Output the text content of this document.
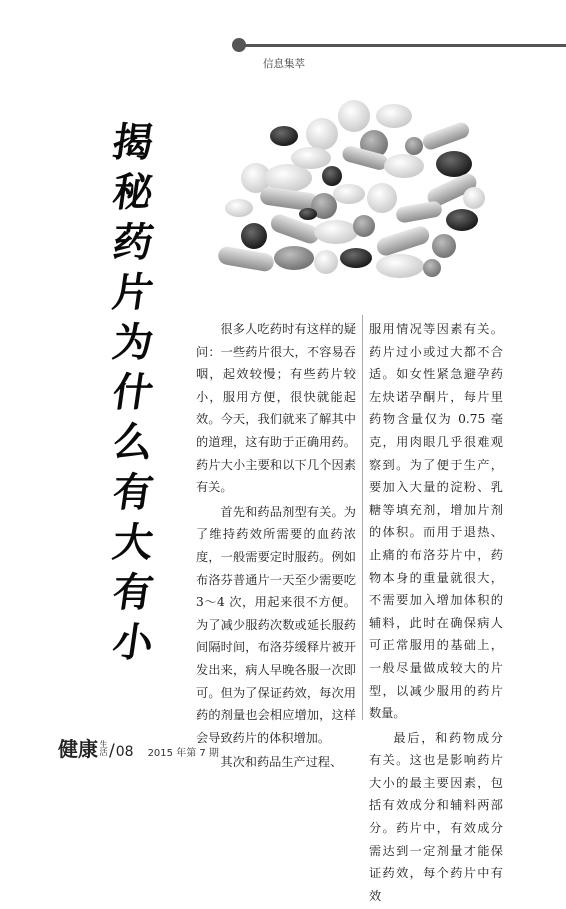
信息集萃
揭
秘
药
片
为
什
么
有
大
有
小

很多人吃药时有这样的疑问：一些药片很大，不容易吞咽，起效较慢；有些药片较小，服用方便，很快就能起效。今天，我们就来了解其中的道理，这有助于正确用药。药片大小主要和以下几个因素有关。

首先和药品剂型有关。为了维持药效所需要的血药浓度，一般需要定时服药。例如布洛芬普通片一天至少需要吃 3～4 次，用起来很不方便。为了减少服药次数或延长服药间隔时间，布洛芬缓释片被开发出来，病人早晚各服一次即可。但为了保证药效，每次用药的剂量也会相应增加，这样会导致药片的体积增加。

其次和药品生产过程、

服用情况等因素有关。药片过小或过大都不合适。如女性紧急避孕药左炔诺孕酮片，每片里药物含量仅为 0.75 毫克，用肉眼几乎很难观察到。为了便于生产，要加入大量的淀粉、乳糖等填充剂，增加片剂的体积。而用于退热、止痛的布洛芬片中，药物本身的重量就很大，不需要加入增加体积的辅料，此时在确保病人可正常服用的基础上，一般尽量做成较大的片型，以减少服用的药片数量。

最后，和药物成分有关。这也是影响药片大小的最主要因素，包括有效成分和辅料两部分。药片中，有效成分需达到一定剂量才能保证药效，每个药片中有效

健康 生活 / 08 2015 年第 7 期
